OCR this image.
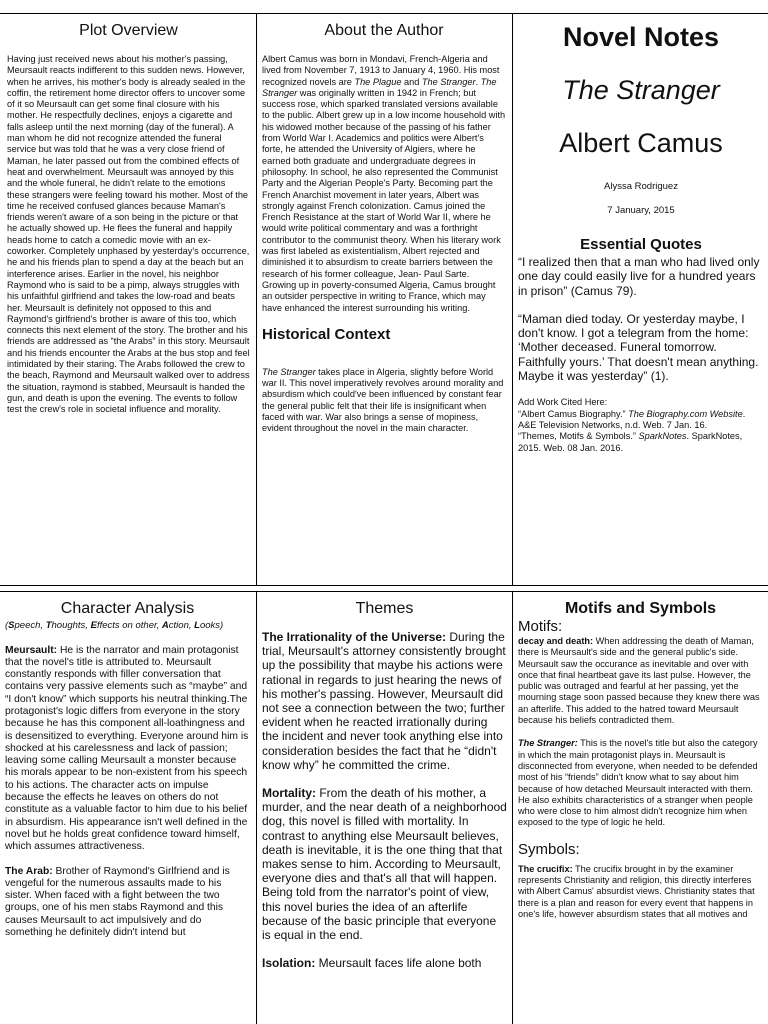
Plot Overview

Having just received news about his mother's passing, Meursault reacts indifferent to this sudden news. However, when he arrives, his mother's body is already sealed in the coffin, the retirement home director offers to uncover some of it so Meursault can get some final closure with his mother. He respectfully declines, enjoys a cigarette and falls asleep until the next morning (day of the funeral). A man whom he did not recognize attended the funeral service but was told that he was a very close friend of Maman, he later passed out from the combined effects of heat and overwhelment. Meursault was annoyed by this and the whole funeral, he didn't relate to the emotions these strangers were feeling toward his mother. Most of the time he received confused glances because Maman's friends weren't aware of a son being in the picture or that he actually showed up. He flees the funeral and happily heads home to catch a comedic movie with an ex-coworker. Completely unphased by yesterday's occurrence, he and his friends plan to spend a day at the beach but an interference arises. Earlier in the novel, his neighbor Raymond who is said to be a pimp, always struggles with his unfaithful girlfriend and takes the low-road and beats her. Meursault is definitely not opposed to this and Raymond's girlfriend's brother is aware of this too, which connects this next element of the story. The brother and his friends are addressed as “the Arabs” in this story. Meursault and his friends encounter the Arabs at the bus stop and feel intimidated by their staring. The Arabs followed the crew to the beach, Raymond and Meursault walked over to address the situation, raymond is stabbed, Meursault is handed the gun, and death is upon the evening. The events to follow test the crew's role in societal influence and morality.

About the Author

Albert Camus was born in Mondavi, French-Algeria and lived from November 7, 1913 to January 4, 1960. His most recognized novels are The Plague and The Stranger. The Stranger was originally written in 1942 in French; but success rose, which sparked translated versions available to the public. Albert grew up in a low income household with his widowed mother because of the passing of his father from World War I. Academics and politics were Albert's forte, he attended the University of Algiers, where he earned both graduate and undergraduate degrees in philosophy. In school, he also represented the Communist Party and the Algerian People's Party. Becoming part the French Anarchist movement in later years, Albert was strongly against French colonization. Camus joined the French Resistance at the start of World War II, where he would write political commentary and was a forthright contributor to the communist theory. When his literary work was first labeled as existentialism, Albert rejected and diminished it to absurdism to create barriers between the research of his former colleague, Jean- Paul Sarte. Growing up in poverty-consumed Algeria, Camus brought an outsider perspective in writing to France, which may have enhanced the interest surrounding his writing.

Historical Context

The Stranger takes place in Algeria, slightly before World war II. This novel imperatively revolves around morality and absurdism which could've been influenced by constant fear the general public felt that their life is insignificant when faced with war. War also brings a sense of mopiness, evident throughout the novel in the main character.

Novel Notes
The Stranger
Albert Camus
Alyssa Rodriguez
7 January, 2015
Essential Quotes

“I realized then that a man who had lived only one day could easily live for a hundred years in prison” (Camus 79).

“Maman died today. Or yesterday maybe, I don't know. I got a telegram from the home: ‘Mother deceased. Funeral tomorrow. Faithfully yours.’ That doesn't mean anything. Maybe it was yesterday” (1).

Add Work Cited Here:

“Albert Camus Biography.” The Biography.com Website. A&E Television Networks, n.d. Web. 7 Jan. 16.

“Themes, Motifs & Symbols.” SparkNotes. SparkNotes, 2015. Web. 08 Jan. 2016.

Character Analysis

(Speech, Thoughts, Effects on other, Action, Looks)

Meursault: He is the narrator and main protagonist that the novel's title is attributed to. Meursault constantly responds with filler conversation that contains very passive elements such as “maybe” and “I don't know” which supports his neutral thinking.The protagonist's logic differs from everyone in the story because he has this component all-loathingness and is desensitized to everything. Everyone around him is shocked at his carelessness and lack of passion; leaving some calling Meursault a monster because his morals appear to be non-existent from his speech to his actions. The character acts on impulse because the effects he leaves on others do not constitute as a valuable factor to him due to his belief in absurdism. His appearance isn't well defined in the novel but he holds great confidence toward himself, which assumes attractiveness.

The Arab: Brother of Raymond's Girlfriend and is vengeful for the numerous assaults made to his sister. When faced with a fight between the two groups, one of his men stabs Raymond and this causes Meursault to act impulsively and do something he definitely didn't intend but

Themes

The Irrationality of the Universe: During the trial, Meursault's attorney consistently brought up the possibility that maybe his actions were rational in regards to just hearing the news of his mother's passing. However, Meursault did not see a connection between the two; further evident when he reacted irrationally during the incident and never took anything else into consideration besides the fact that he “didn't know why” he committed the crime.

Mortality: From the death of his mother, a murder, and the near death of a neighborhood dog, this novel is filled with mortality. In contrast to anything else Meursault believes, death is inevitable, it is the one thing that that makes sense to him. According to Meursault, everyone dies and that's all that will happen. Being told from the narrator's point of view, this novel buries the idea of an afterlife because of the basic principle that everyone is equal in the end.

Isolation: Meursault faces life alone both

Motifs and Symbols
Motifs:

decay and death: When addressing the death of Maman, there is Meursault's side and the general public's side. Meursault saw the occurance as inevitable and over with once that final heartbeat gave its last pulse. However, the public was outraged and fearful at her passing, yet the mourning stage soon passed because they knew there was an afterlife. This added to the hatred toward Meursault because his beliefs contradicted them.

The Stranger: This is the novel's title but also the category in which the main protagonist plays in. Meursault is disconnected from everyone, when needed to be defended most of his “friends” didn't know what to say about him because of how detached Meursault interacted with them. He also exhibits characteristics of a stranger when people who were close to him almost didn't recognize him when exposed to the type of logic he held.

Symbols:

The crucifix: The crucifix brought in by the examiner represents Christianity and religion, this directly interferes with Albert Camus' absurdist views. Christianity states that there is a plan and reason for every event that happens in one's life, however absurdism states that all motives and
